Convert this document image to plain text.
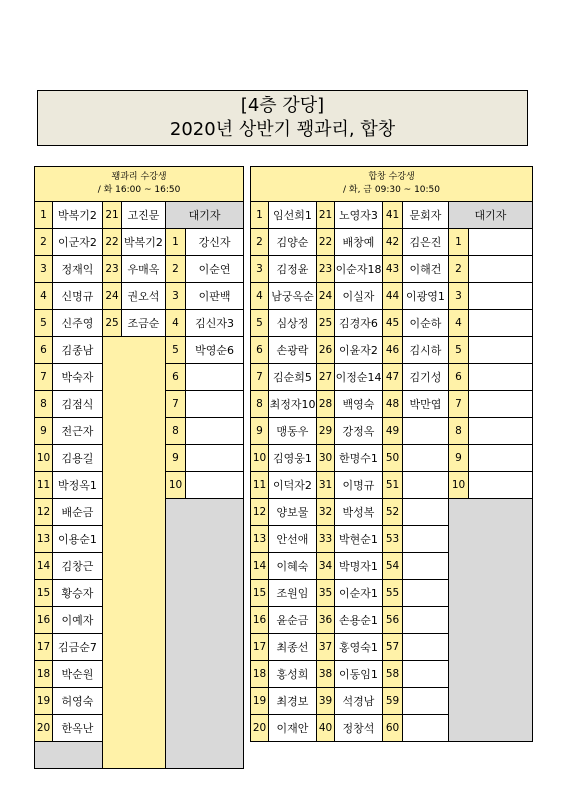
[4층 강당]
2020년 상반기 꽹과리, 합창
꽹과리 수강생
/ 화 16:00 ~ 16:50					

1	박복기2	21	고진문	대기자	
2	이군자2	22	박복기2	1	강신자
3	정재익	23	우매옥	2	이순연
4	신명규	24	권오석	3	이판백
5	신주영	25	조금순	4	김신자3
6	김종남			5	박영순6
7	박숙자			6	
8	김점식			7	
9	전근자			8	
10	김용길			9	
11	박정옥1			10	
12	배순금				
13	이용순1				
14	김창근				
15	황승자				
16	이예자				
17	김금순7				
18	박순원				
19	허영숙				
20	한옥난				

합창 수강생
/ 화, 금 09:30 ~ 10:50							

1	임선희1	21	노영자3	41	문회자	대기자	
2	김양순	22	배창예	42	김은진	1	
3	김정윤	23	이순자18	43	이해건	2	
4	남궁옥순	24	이실자	44	이광영1	3	
5	심상정	25	김경자6	45	이순하	4	
6	손광락	26	이윤자2	46	김시하	5	
7	김순희5	27	이정순14	47	김기성	6	
8	최정자10	28	백영숙	48	박만엽	7	
9	맹동우	29	강정옥	49		8	
10	김영웅1	30	한명수1	50		9	
11	이덕자2	31	이명규	51		10	
12	양보물	32	박성복	52			
13	안선애	33	박현순1	53			
14	이혜숙	34	박명자1	54			
15	조원임	35	이순자1	55			
16	윤순금	36	손용순1	56			
17	최종선	37	홍영숙1	57			
18	홍성희	38	이동임1	58			
19	최경보	39	석경남	59			
20	이재안	40	정창석	60			
